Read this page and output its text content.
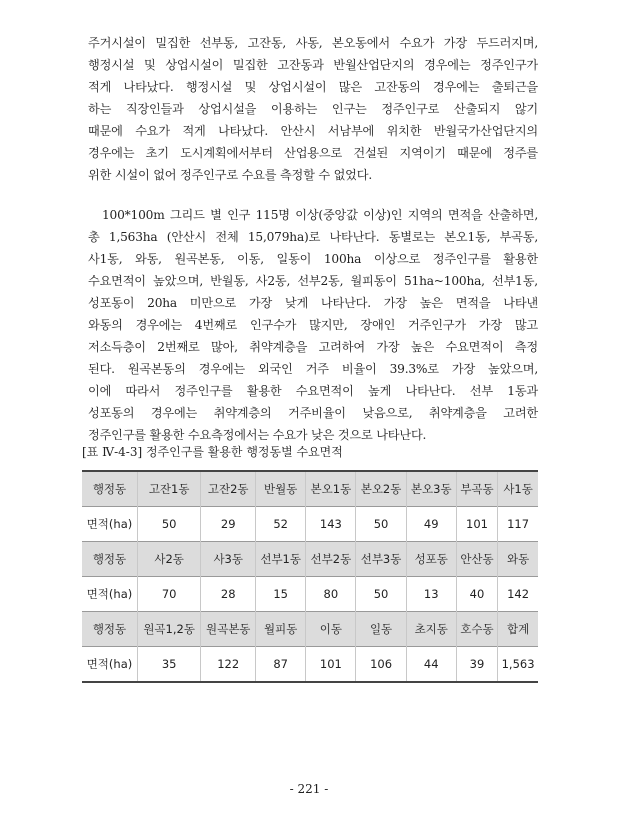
주거시설이 밀집한 선부동, 고잔동, 사동, 본오동에서 수요가 가장 두드러지며,
행정시설 및 상업시설이 밀집한 고잔동과 반월산업단지의 경우에는 정주인구가
적게 나타났다. 행정시설 및 상업시설이 많은 고잔동의 경우에는 출퇴근을
하는 직장인들과 상업시설을 이용하는 인구는 정주인구로 산출되지 않기
때문에 수요가 적게 나타났다. 안산시 서남부에 위치한 반월국가산업단지의
경우에는 초기 도시계획에서부터 산업용으로 건설된 지역이기 때문에 정주를
위한 시설이 없어 정주인구로 수요를 측정할 수 없었다.
100*100m 그리드 별 인구 115명 이상(중앙값 이상)인 지역의 면적을 산출하면,
총 1,563ha (안산시 전체 15,079ha)로 나타난다. 동별로는 본오1동, 부곡동,
사1동, 와동, 원곡본동, 이동, 일동이 100ha 이상으로 정주인구를 활용한
수요면적이 높았으며, 반월동, 사2동, 선부2동, 월피동이 51ha~100ha, 선부1동,
성포동이 20ha 미만으로 가장 낮게 나타난다. 가장 높은 면적을 나타낸
와동의 경우에는 4번째로 인구수가 많지만, 장애인 거주인구가 가장 많고
저소득층이 2번째로 많아, 취약계층을 고려하여 가장 높은 수요면적이 측정
된다. 원곡본동의 경우에는 외국인 거주 비율이 39.3%로 가장 높았으며,
이에 따라서 정주인구를 활용한 수요면적이 높게 나타난다. 선부 1동과
성포동의 경우에는 취약계층의 거주비율이 낮음으로, 취약계층을 고려한
정주인구를 활용한 수요측정에서는 수요가 낮은 것으로 나타난다.
[표 Ⅳ-4-3] 정주인구를 활용한 행정동별 수요면적
행정동	고잔1동	고잔2동	반월동	본오1동	본오2동	본오3동	부곡동	사1동
면적(ha)	50	29	52	143	50	49	101	117
행정동	사2동	사3동	선부1동	선부2동	선부3동	성포동	안산동	와동
면적(ha)	70	28	15	80	50	13	40	142
행정동	원곡1,2동	원곡본동	월피동	이동	일동	초지동	호수동	합계
면적(ha)	35	122	87	101	106	44	39	1,563
- 221 -
